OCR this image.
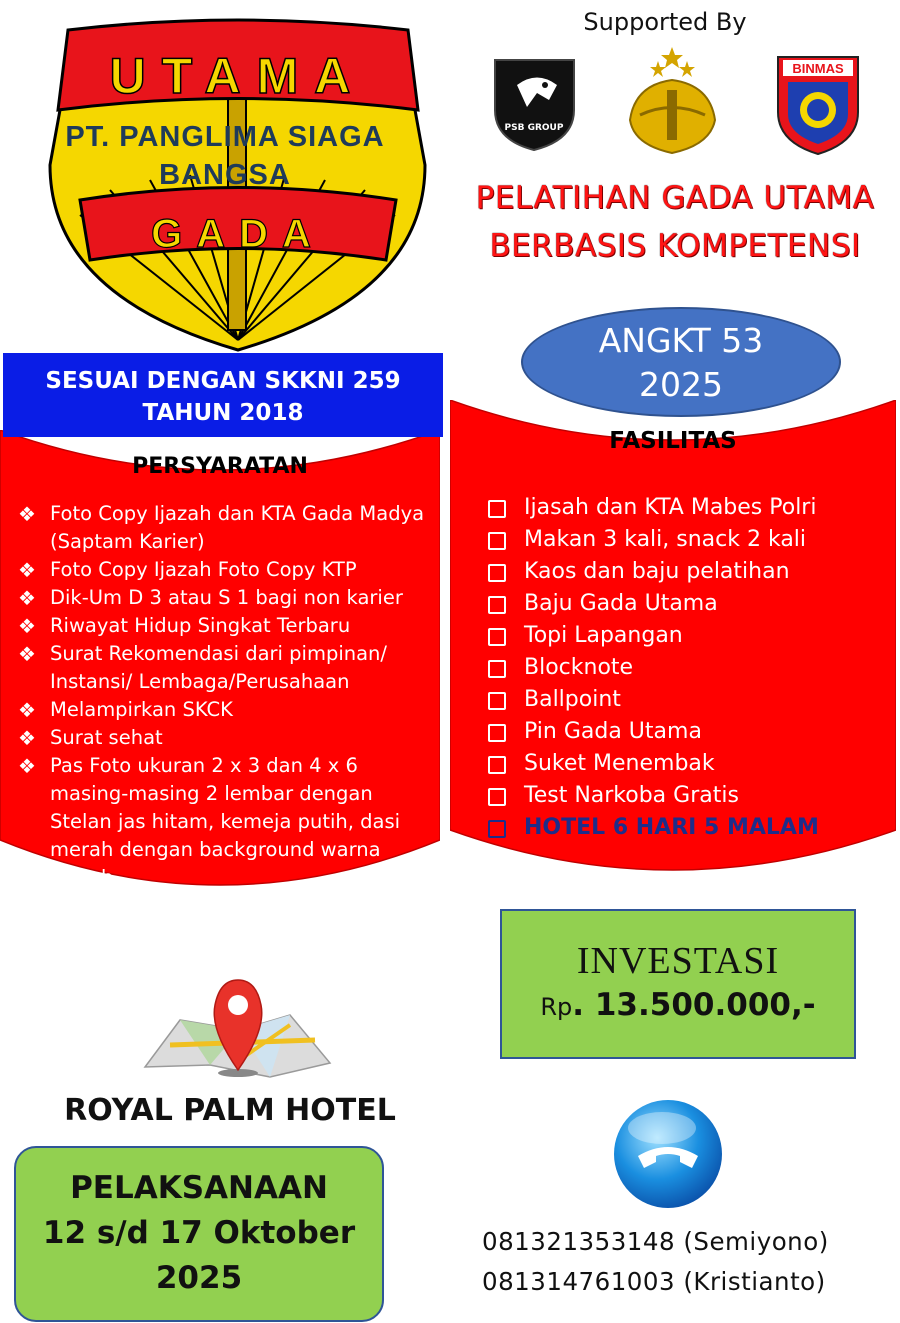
UTAMA
GADA
PT. PANGLIMA SIAGA
BANGSA
Supported By
PSB GROUP
BINMAS
PELATIHAN GADA UTAMA
BERBASIS KOMPETENSI
ANGKT 53
2025
PERSYARATAN
❖ Foto Copy Ijazah dan KTA Gada Madya (Saptam Karier)
❖ Foto Copy Ijazah Foto Copy KTP
❖ Dik-Um D 3 atau S 1 bagi non karier
❖ Riwayat Hidup Singkat Terbaru
❖ Surat Rekomendasi dari pimpinan/ Instansi/ Lembaga/Perusahaan
❖ Melampirkan SKCK
❖ Surat sehat
❖ Pas Foto ukuran 2 x 3 dan 4 x 6 masing-masing 2 lembar dengan Stelan jas hitam, kemeja putih, dasi merah dengan background warna merah
SESUAI DENGAN SKKNI 259
TAHUN 2018
FASILITAS
Ijasah dan KTA Mabes Polri
Makan 3 kali, snack 2 kali
Kaos dan baju pelatihan
Baju Gada Utama
Topi Lapangan
Blocknote
Ballpoint
Pin Gada Utama
Suket Menembak
Test Narkoba Gratis
HOTEL 6 HARI 5 MALAM
ROYAL PALM HOTEL
PELAKSANAAN
12 s/d 17 Oktober
2025
INVESTASI
Rp. 13.500.000,-
081321353148 (Semiyono)
081314761003 (Kristianto)
